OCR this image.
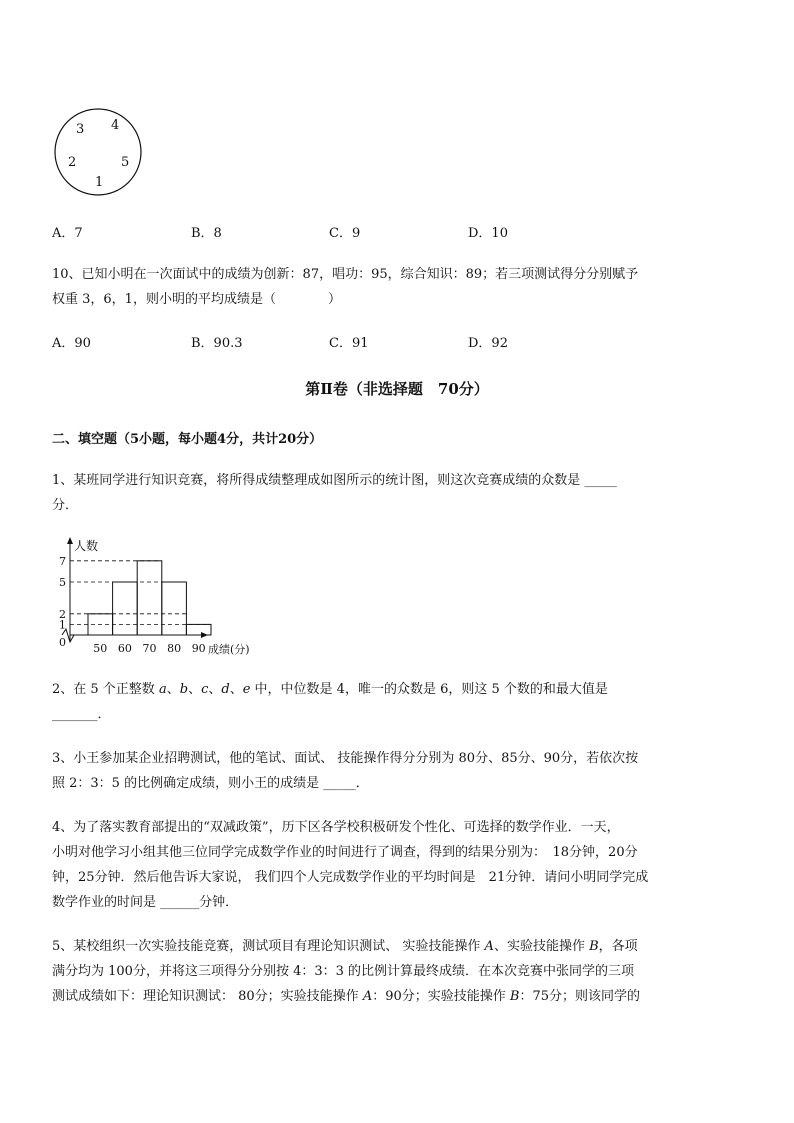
3 4
2	5
1
A．7	B．8	C．9	D．10
10、已知小明在一次面试中的成绩为创新：87，唱功：95，综合知识：89；若三项测试得分分别赋予
权重 3，6，1，则小明的平均成绩是（　　　　）
A．90	B．90.3	C．91	D．92
第Ⅱ卷（非选择题　70分）
二、填空题（5小题，每小题4分，共计20分）
1、某班同学进行知识竞赛，将所得成绩整理成如图所示的统计图，则这次竞赛成绩的众数是 _____
分．
人数
成绩(分)
0
1
2
5
7
50 60 70 80 90
2、在 5 个正整数 a、b、c、d、e 中，中位数是 4，唯一的众数是 6，则这 5 个数的和最大值是
_______．
3、小王参加某企业招聘测试，他的笔试、面试、 技能操作得分分别为 80分、85分、90分，若依次按
照 2：3：5 的比例确定成绩，则小王的成绩是 _____．
4、为了落实教育部提出的“双减政策”，历下区各学校积极研发个性化、可选择的数学作业．一天，
小明对他学习小组其他三位同学完成数学作业的时间进行了调查，得到的结果分别为：　18分钟，20分
钟，25分钟．然后他告诉大家说， 我们四个人完成数学作业的平均时间是　21分钟．请问小明同学完成
数学作业的时间是 ______分钟．
5、某校组织一次实验技能竞赛，测试项目有理论知识测试、 实验技能操作 A、实验技能操作 B，各项
满分均为 100分，并将这三项得分分别按 4：3：3 的比例计算最终成绩．在本次竞赛中张同学的三项
测试成绩如下：理论知识测试： 80分；实验技能操作 A：90分；实验技能操作 B：75分；则该同学的
